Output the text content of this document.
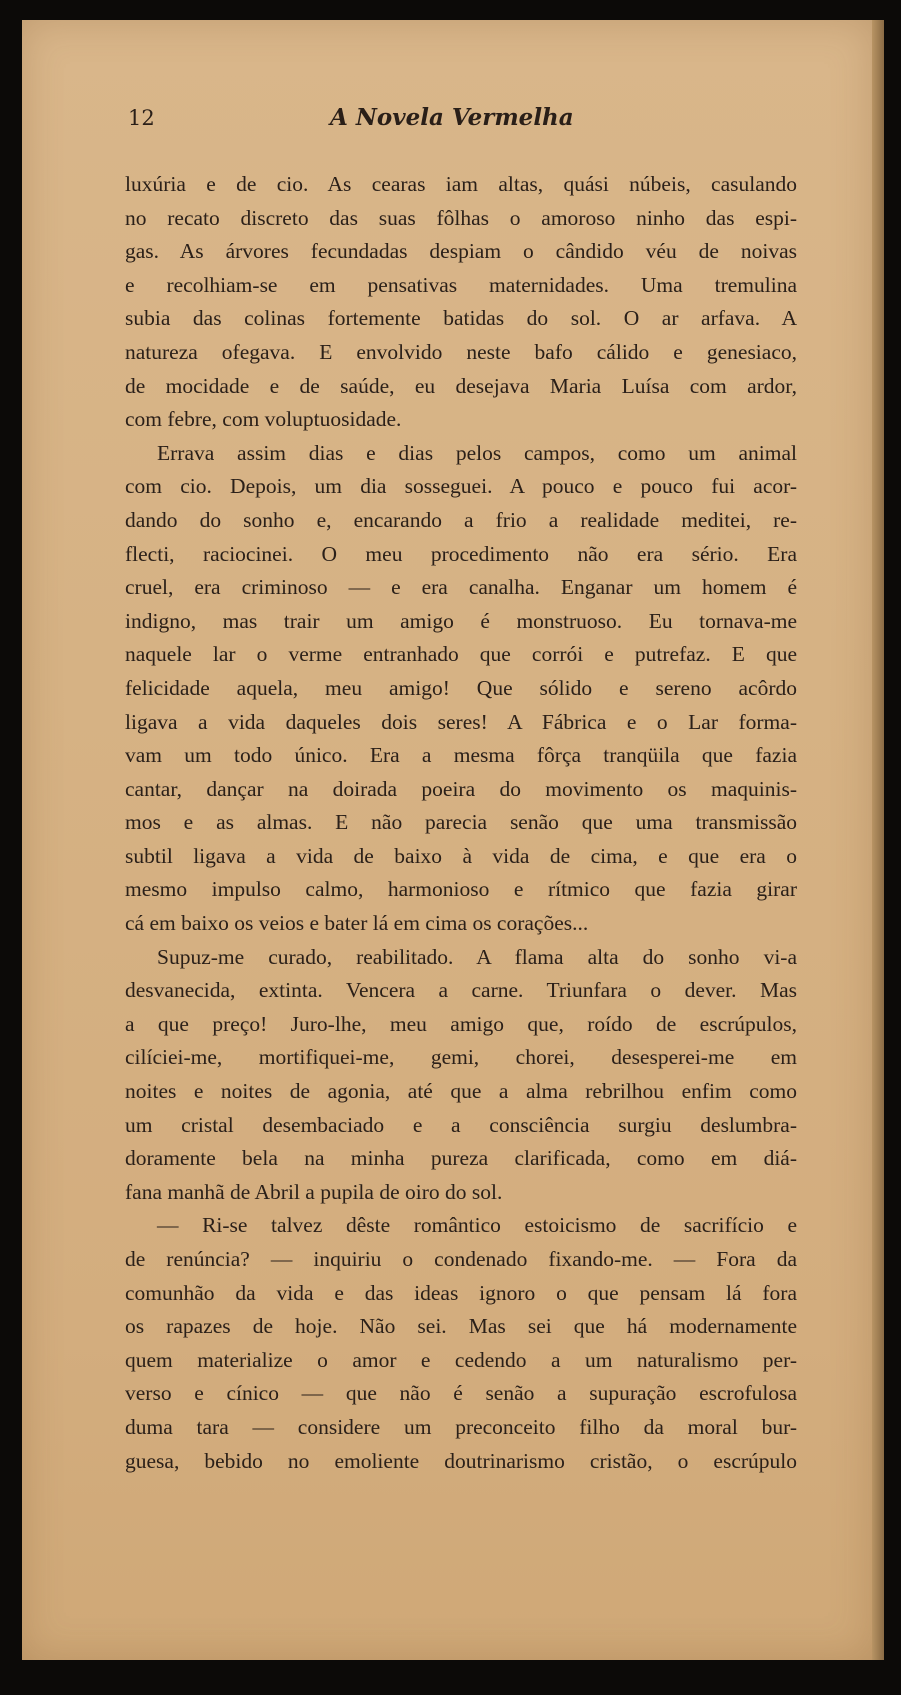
12	A Novela Vermelha
luxúria e de cio. As cearas iam altas, quási núbeis, casulando
no recato discreto das suas fôlhas o amoroso ninho das espi-
gas. As árvores fecundadas despiam o cândido véu de noivas
e recolhiam-se em pensativas maternidades. Uma tremulina
subia das colinas fortemente batidas do sol. O ar arfava. A
natureza ofegava. E envolvido neste bafo cálido e genesiaco,
de mocidade e de saúde, eu desejava Maria Luísa com ardor,
com febre, com voluptuosidade.
Errava assim dias e dias pelos campos, como um animal
com cio. Depois, um dia sosseguei. A pouco e pouco fui acor-
dando do sonho e, encarando a frio a realidade meditei, re-
flecti, raciocinei. O meu procedimento não era sério. Era
cruel, era criminoso — e era canalha. Enganar um homem é
indigno, mas trair um amigo é monstruoso. Eu tornava-me
naquele lar o verme entranhado que corrói e putrefaz. E que
felicidade aquela, meu amigo! Que sólido e sereno acôrdo
ligava a vida daqueles dois seres! A Fábrica e o Lar forma-
vam um todo único. Era a mesma fôrça tranqüila que fazia
cantar, dançar na doirada poeira do movimento os maquinis-
mos e as almas. E não parecia senão que uma transmissão
subtil ligava a vida de baixo à vida de cima, e que era o
mesmo impulso calmo, harmonioso e rítmico que fazia girar
cá em baixo os veios e bater lá em cima os corações...
Supuz-me curado, reabilitado. A flama alta do sonho vi-a
desvanecida, extinta. Vencera a carne. Triunfara o dever. Mas
a que preço! Juro-lhe, meu amigo que, roído de escrúpulos,
cilíciei-me, mortifiquei-me, gemi, chorei, desesperei-me em
noites e noites de agonia, até que a alma rebrilhou enfim como
um cristal desembaciado e a consciência surgiu deslumbra-
doramente bela na minha pureza clarificada, como em diá-
fana manhã de Abril a pupila de oiro do sol.
— Ri-se talvez dêste romântico estoicismo de sacrifício e
de renúncia? — inquiriu o condenado fixando-me. — Fora da
comunhão da vida e das ideas ignoro o que pensam lá fora
os rapazes de hoje. Não sei. Mas sei que há modernamente
quem materialize o amor e cedendo a um naturalismo per-
verso e cínico — que não é senão a supuração escrofulosa
duma tara — considere um preconceito filho da moral bur-
guesa, bebido no emoliente doutrinarismo cristão, o escrúpulo
